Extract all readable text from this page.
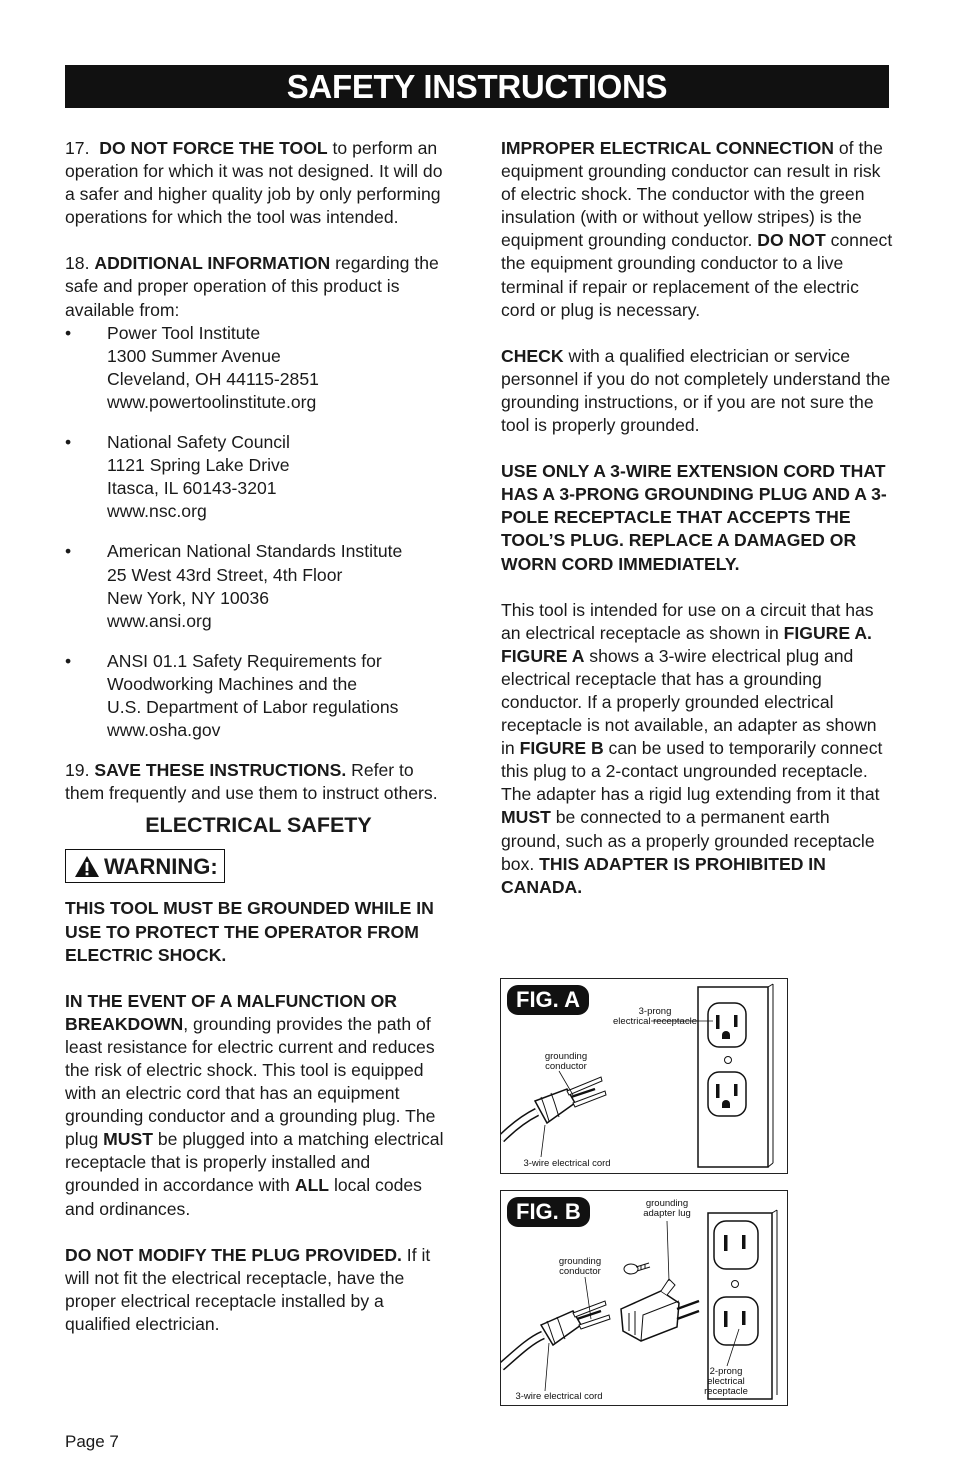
SAFETY INSTRUCTIONS

17. DO NOT FORCE THE TOOL to perform an operation for which it was not designed. It will do a safer and higher quality job by only performing operations for which the tool was intended.

18. ADDITIONAL INFORMATION regarding the safe and proper operation of this product is available from:

• Power Tool Institute
1300 Summer Avenue
Cleveland, OH 44115-2851
www.powertoolinstitute.org
• National Safety Council
1121 Spring Lake Drive
Itasca, IL 60143-3201
www.nsc.org
• American National Standards Institute
25 West 43rd Street, 4th Floor
New York, NY 10036
www.ansi.org
• ANSI 01.1 Safety Requirements for
Woodworking Machines and the
U.S. Department of Labor regulations
www.osha.gov

19. SAVE THESE INSTRUCTIONS. Refer to them frequently and use them to instruct others.

ELECTRICAL SAFETY
WARNING:

THIS TOOL MUST BE GROUNDED WHILE IN USE TO PROTECT THE OPERATOR FROM ELECTRIC SHOCK.

IN THE EVENT OF A MALFUNCTION OR BREAKDOWN, grounding provides the path of least resistance for electric current and reduces the risk of electric shock. This tool is equipped with an electric cord that has an equipment grounding conductor and a grounding plug. The plug MUST be plugged into a matching electrical receptacle that is properly installed and grounded in accordance with ALL local codes and ordinances.

DO NOT MODIFY THE PLUG PROVIDED. If it will not fit the electrical receptacle, have the proper electrical receptacle installed by a qualified electrician.

IMPROPER ELECTRICAL CONNECTION of the equipment grounding conductor can result in risk of electric shock. The conductor with the green insulation (with or without yellow stripes) is the equipment grounding conductor. DO NOT connect the equipment grounding conductor to a live terminal if repair or replacement of the electric cord or plug is necessary.

CHECK with a qualified electrician or service personnel if you do not completely understand the grounding instructions, or if you are not sure the tool is properly grounded.

USE ONLY A 3-WIRE EXTENSION CORD THAT HAS A 3-PRONG GROUNDING PLUG AND A 3-POLE RECEPTACLE THAT ACCEPTS THE TOOL’S PLUG. REPLACE A DAMAGED OR WORN CORD IMMEDIATELY.

This tool is intended for use on a circuit that has an electrical receptacle as shown in FIGURE A. FIGURE A shows a 3-wire electrical plug and electrical receptacle that has a grounding conductor. If a properly grounded electrical receptacle is not available, an adapter as shown in FIGURE B can be used to temporarily connect this plug to a 2-contact ungrounded receptacle. The adapter has a rigid lug extending from it that MUST be connected to a permanent earth ground, such as a properly grounded receptacle box. THIS ADAPTER IS PROHIBITED IN CANADA.

FIG. A	3-prong
electrical receptacle
grounding
conductor
3-wire electrical cord
FIG. B	grounding
adapter lug
grounding
conductor
2-prong
electrical
receptacle
3-wire electrical cord
Page 7
